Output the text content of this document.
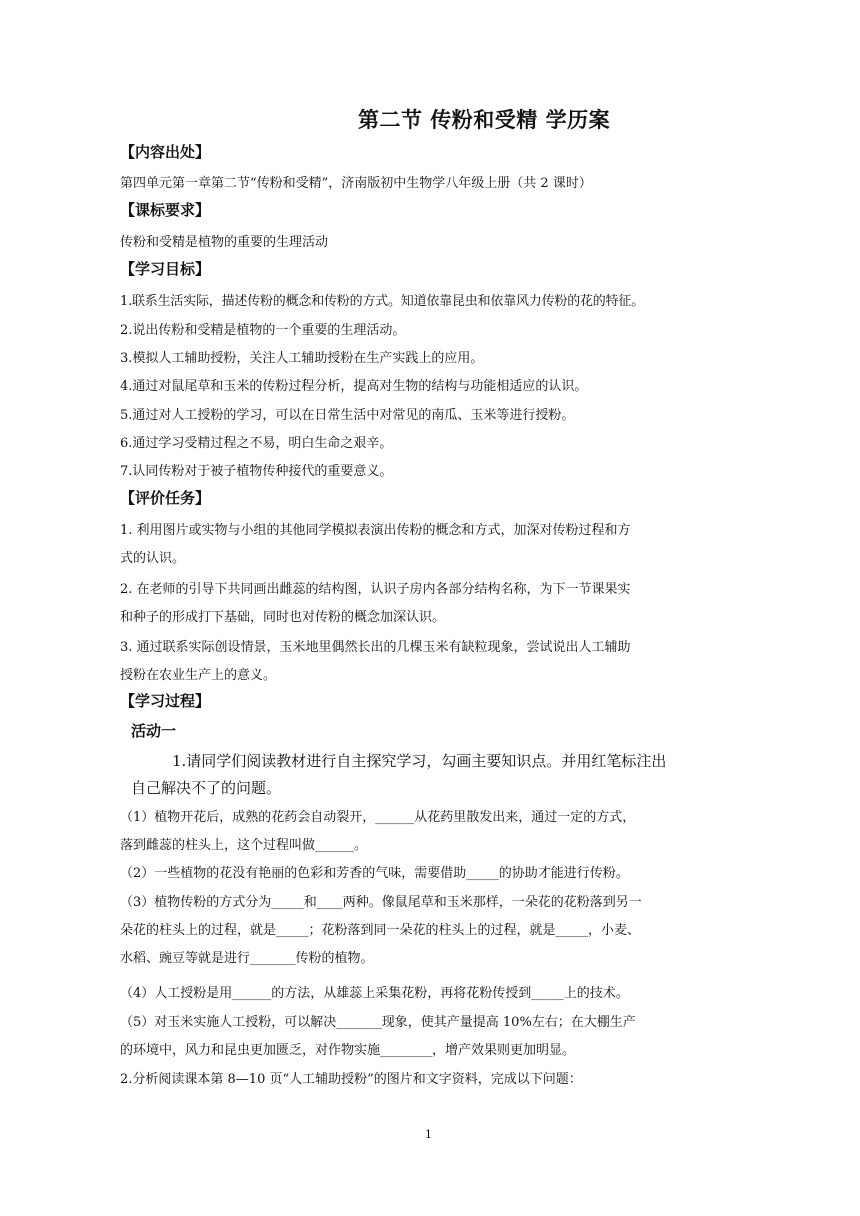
第二节 传粉和受精 学历案
【内容出处】
第四单元第一章第二节“传粉和受精”，济南版初中生物学八年级上册（共 2 课时）
【课标要求】
传粉和受精是植物的重要的生理活动
【学习目标】
1.联系生活实际，描述传粉的概念和传粉的方式。知道依靠昆虫和依靠风力传粉的花的特征。
2.说出传粉和受精是植物的一个重要的生理活动。
3.模拟人工辅助授粉，关注人工辅助授粉在生产实践上的应用。
4.通过对鼠尾草和玉米的传粉过程分析，提高对生物的结构与功能相适应的认识。
5.通过对人工授粉的学习，可以在日常生活中对常见的南瓜、玉米等进行授粉。
6.通过学习受精过程之不易，明白生命之艰辛。
7.认同传粉对于被子植物传种接代的重要意义。
【评价任务】
1. 利用图片或实物与小组的其他同学模拟表演出传粉的概念和方式，加深对传粉过程和方
式的认识。
2. 在老师的引导下共同画出雌蕊的结构图，认识子房内各部分结构名称，为下一节课果实
和种子的形成打下基础，同时也对传粉的概念加深认识。
3. 通过联系实际创设情景，玉米地里偶然长出的几棵玉米有缺粒现象，尝试说出人工辅助
授粉在农业生产上的意义。
【学习过程】
活动一
1.请同学们阅读教材进行自主探究学习，勾画主要知识点。并用红笔标注出
自己解决不了的问题。
（1）植物开花后，成熟的花药会自动裂开，______从花药里散发出来，通过一定的方式，
落到雌蕊的柱头上，这个过程叫做______。
（2）一些植物的花没有艳丽的色彩和芳香的气味，需要借助_____的协助才能进行传粉。
（3）植物传粉的方式分为_____和____两种。像鼠尾草和玉米那样，一朵花的花粉落到另一
朵花的柱头上的过程，就是_____；花粉落到同一朵花的柱头上的过程，就是_____，小麦、
水稻、豌豆等就是进行_______传粉的植物。
（4）人工授粉是用______的方法，从雄蕊上采集花粉，再将花粉传授到_____上的技术。
（5）对玉米实施人工授粉，可以解决_______现象，使其产量提高 10%左右；在大棚生产
的环境中，风力和昆虫更加匮乏，对作物实施________，增产效果则更加明显。
2.分析阅读课本第 8—10 页“人工辅助授粉”的图片和文字资料，完成以下问题：
1
